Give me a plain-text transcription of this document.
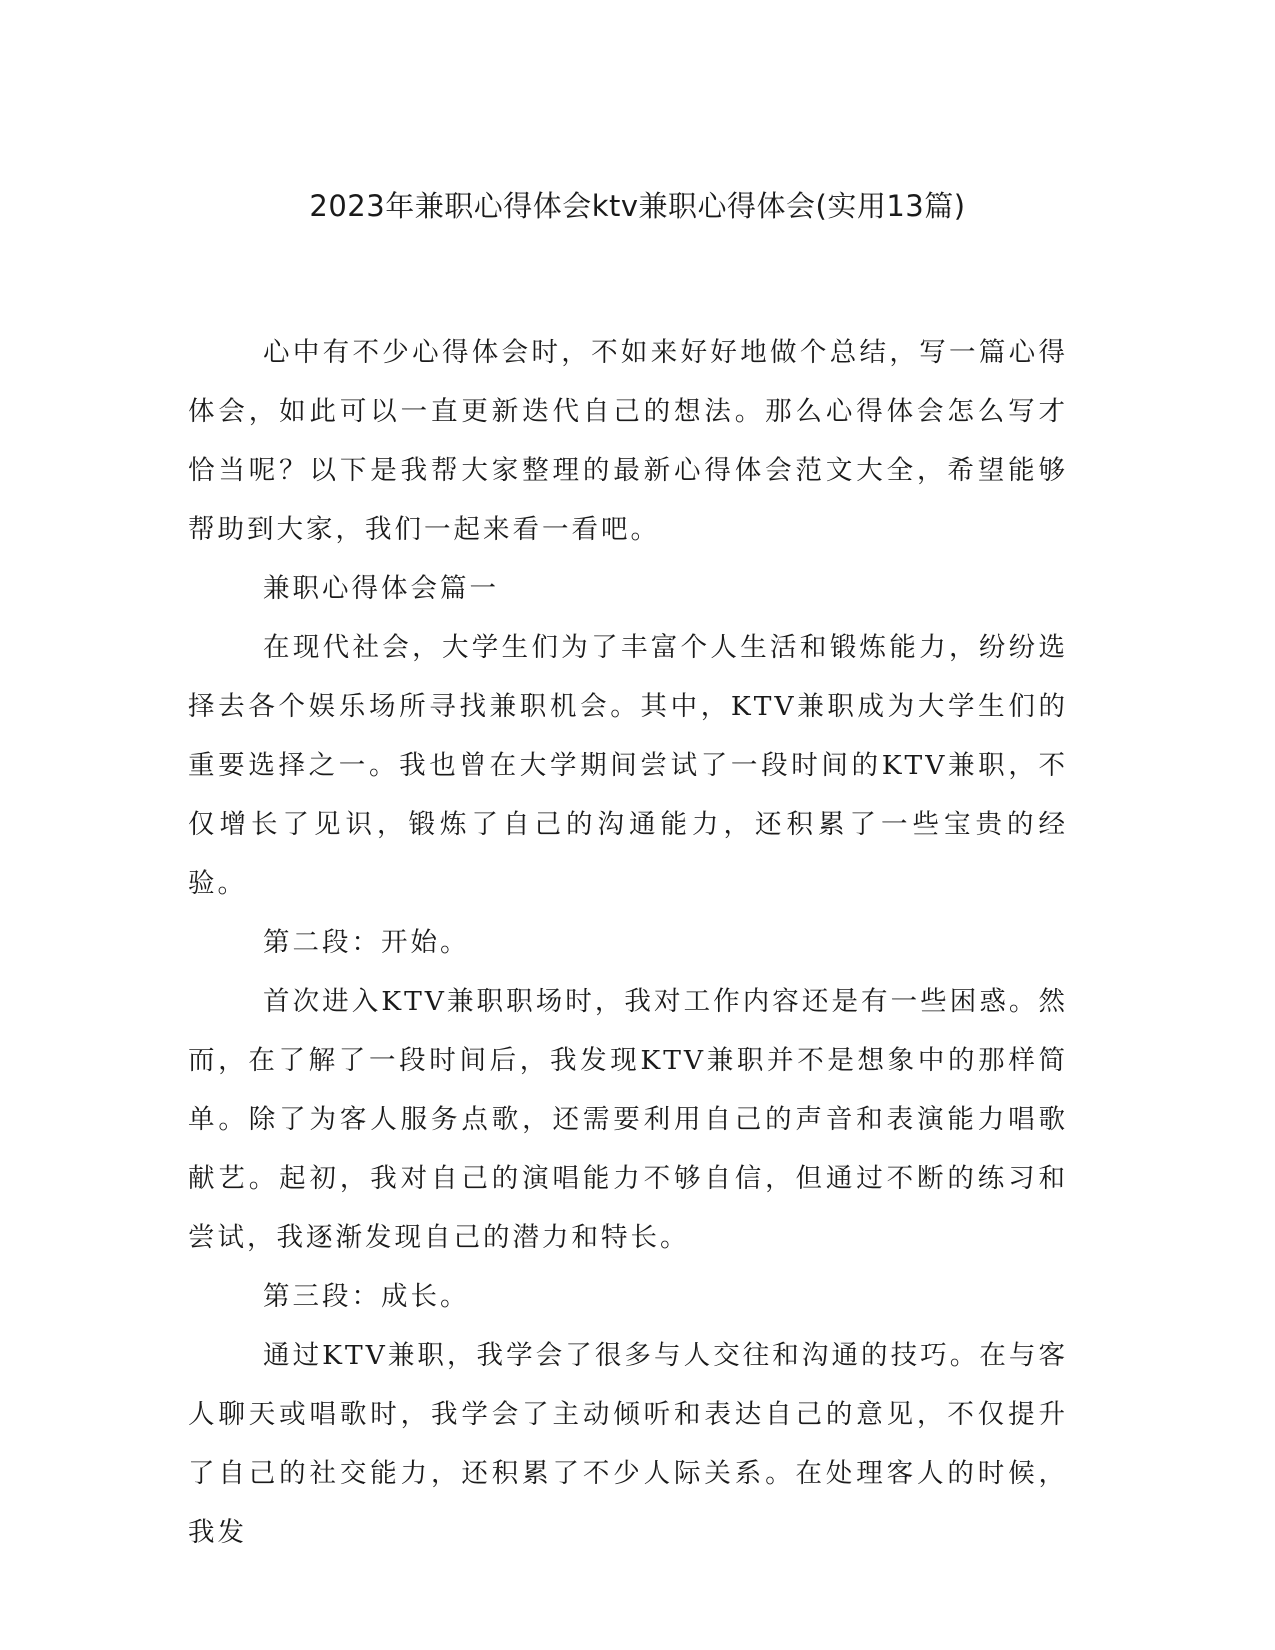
2023年兼职心得体会ktv兼职心得体会(实用13篇)

心中有不少心得体会时，不如来好好地做个总结，写一篇心得体会，如此可以一直更新迭代自己的想法。那么心得体会怎么写才恰当呢？以下是我帮大家整理的最新心得体会范文大全，希望能够帮助到大家，我们一起来看一看吧。

兼职心得体会篇一

在现代社会，大学生们为了丰富个人生活和锻炼能力，纷纷选择去各个娱乐场所寻找兼职机会。其中，KTV兼职成为大学生们的重要选择之一。我也曾在大学期间尝试了一段时间的KTV兼职，不仅增长了见识，锻炼了自己的沟通能力，还积累了一些宝贵的经验。

第二段：开始。

首次进入KTV兼职职场时，我对工作内容还是有一些困惑。然而，在了解了一段时间后，我发现KTV兼职并不是想象中的那样简单。除了为客人服务点歌，还需要利用自己的声音和表演能力唱歌献艺。起初，我对自己的演唱能力不够自信，但通过不断的练习和尝试，我逐渐发现自己的潜力和特长。

第三段：成长。

通过KTV兼职，我学会了很多与人交往和沟通的技巧。在与客人聊天或唱歌时，我学会了主动倾听和表达自己的意见，不仅提升了自己的社交能力，还积累了不少人际关系。在处理客人的时候，我发
